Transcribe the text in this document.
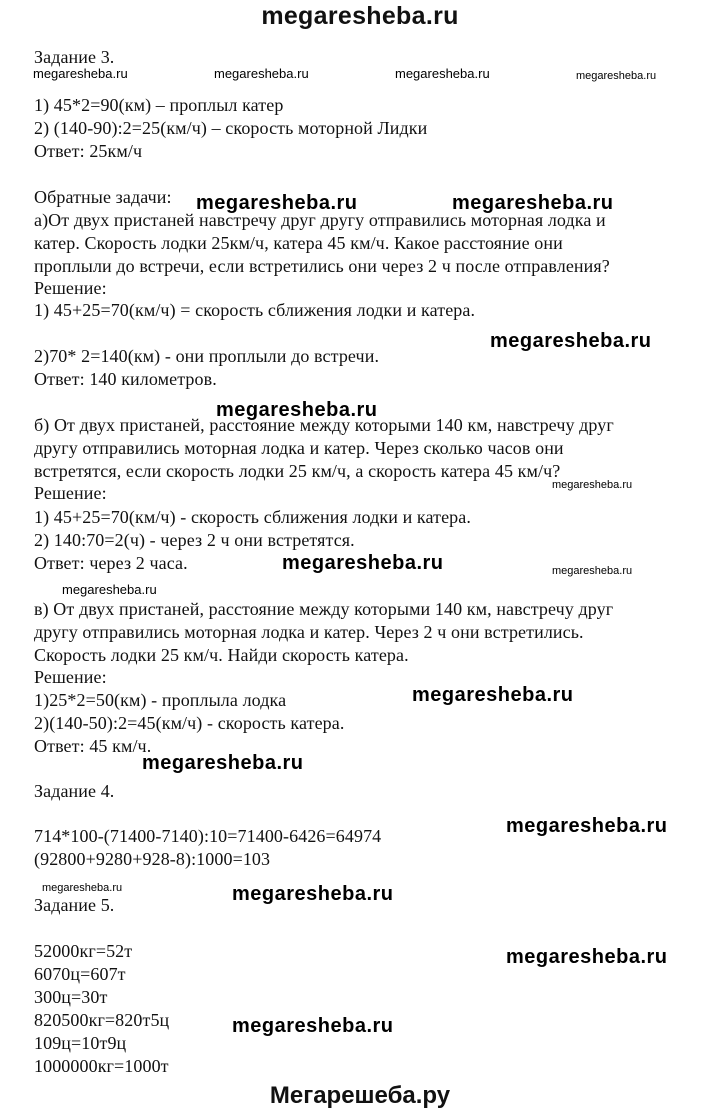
megaresheba.ru
Мегарешеба.ру
Задание 3.
1) 45*2=90(км) – проплыл катер
2) (140-90):2=25(км/ч) – скорость моторной Лидки
Ответ: 25км/ч
Обратные задачи:
а)От двух пристаней навстречу друг другу отправились моторная лодка и
катер. Скорость лодки 25км/ч, катера 45 км/ч. Какое расстояние они
проплыли до встречи, если встретились они через 2 ч после отправления?
Решение:
1) 45+25=70(км/ч) = скорость сближения лодки и катера.
2)70* 2=140(км) - они проплыли до встречи.
Ответ: 140 километров.
б) От двух пристаней, расстояние между которыми 140 км, навстречу друг
другу отправились моторная лодка и катер. Через сколько часов они
встретятся, если скорость лодки 25 км/ч, а скорость катера 45 км/ч?
Решение:
1) 45+25=70(км/ч) - скорость сближения лодки и катера.
2) 140:70=2(ч) - через 2 ч они встретятся.
Ответ: через 2 часа.
в) От двух пристаней, расстояние между которыми 140 км, навстречу друг
другу отправились моторная лодка и катер. Через 2 ч они встретились.
Скорость лодки 25 км/ч. Найди скорость катера.
Решение:
1)25*2=50(км) - проплыла лодка
2)(140-50):2=45(км/ч) - скорость катера.
Ответ: 45 км/ч.
Задание 4.
714*100-(71400-7140):10=71400-6426=64974
(92800+9280+928-8):1000=103
Задание 5.
52000кг=52т
6070ц=607т
300ц=30т
820500кг=820т5ц
109ц=10т9ц
1000000кг=1000т
megaresheba.ru	megaresheba.ru	megaresheba.ru	megaresheba.ru
megaresheba.ru	megaresheba.ru
megaresheba.ru
megaresheba.ru
megaresheba.ru
megaresheba.ru	megaresheba.ru
megaresheba.ru
megaresheba.ru
megaresheba.ru
megaresheba.ru
megaresheba.ru	megaresheba.ru
megaresheba.ru
megaresheba.ru
